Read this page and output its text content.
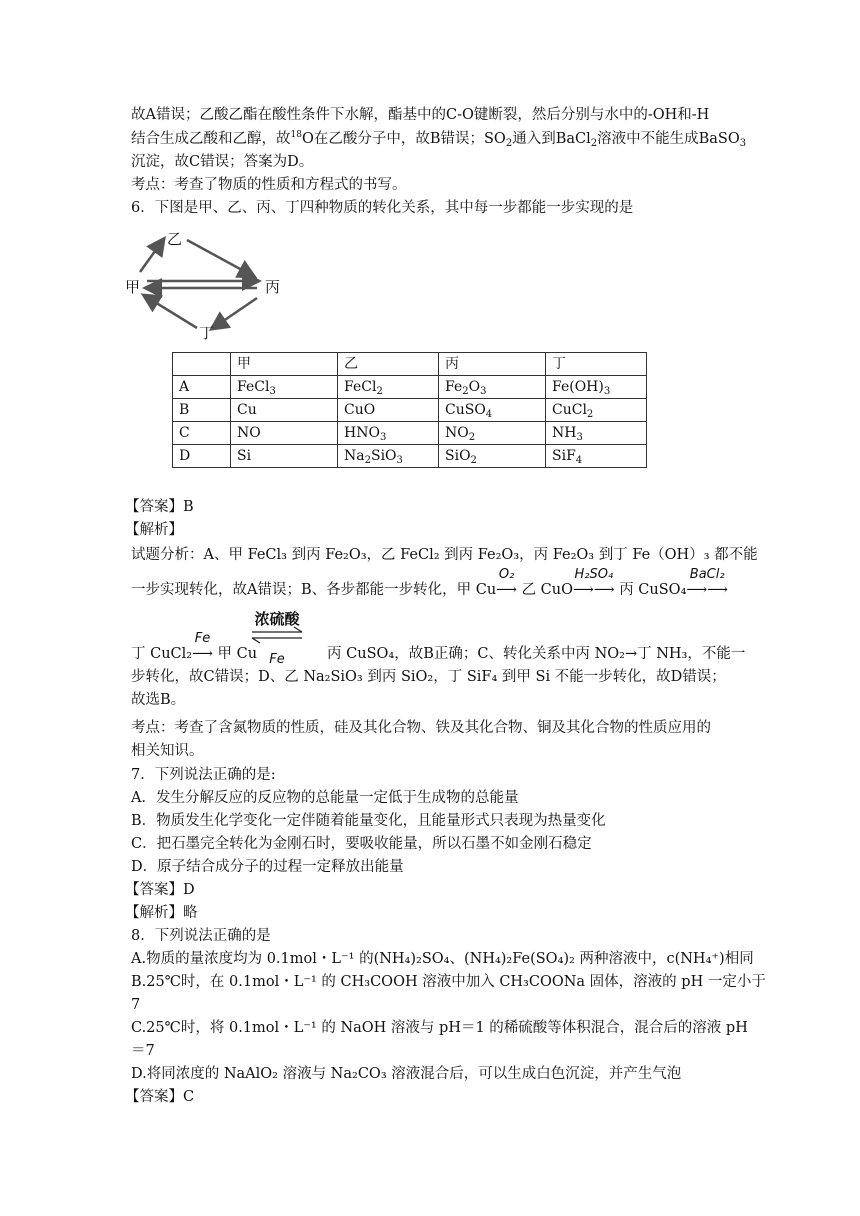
故A错误；乙酸乙酯在酸性条件下水解，酯基中的C-O键断裂，然后分别与水中的-OH和-H
结合生成乙酸和乙醇，故$^{18}$O在乙酸分子中，故B错误；$SO_2$通入到BaCl$_2$溶液中不能生成BaSO$_3$
沉淀，故C错误；答案为D。
考点：考查了物质的性质和方程式的书写。
6．下图是甲、乙、丙、丁四种物质的转化关系，其中每一步都能一步实现的是
乙
甲	丙
丁
	甲	乙	丙	丁
A	FeCl$_3$	FeCl$_2$	$Fe_2O_3$	$Fe(OH)_3$
B	Cu	CuO	CuSO$_4$	CuCl$_2$
C	NO	$HNO_3$	$NO_2$	$NH_3$
D	Si	$Na_2SiO_3$	SiO$_2$	SiF$_4$
【答案】B
【解析】
试题分析：A、甲 FeCl₃ 到丙 Fe₂O₃，乙 FeCl₂ 到丙 Fe₂O₃，丙 Fe₂O₃ 到丁 Fe（OH）₃ 都不能
一步实现转化，故A错误；B、各步都能一步转化，甲 Cu
O₂
⟶ 乙 CuO
H₂SO₄
⟶⟶ 丙 CuSO₄
BaCl₂
⟶⟶
丁 CuCl₂
Fe
⟶ 甲 Cu	丙 CuSO₄，故B正确；C、转化关系中丙 NO₂→丁 NH₃，不能一
浓硫酸
Fe
步转化，故C错误；D、乙 Na₂SiO₃ 到丙 SiO₂，丁 SiF₄ 到甲 Si 不能一步转化，故D错误；
故选B。
考点：考查了含氮物质的性质，硅及其化合物、铁及其化合物、铜及其化合物的性质应用的
相关知识。
7．下列说法正确的是:
A．发生分解反应的反应物的总能量一定低于生成物的总能量
B．物质发生化学变化一定伴随着能量变化，且能量形式只表现为热量变化
C．把石墨完全转化为金刚石时，要吸收能量，所以石墨不如金刚石稳定
D．原子结合成分子的过程一定释放出能量
【答案】D
【解析】略
8．下列说法正确的是
A.物质的量浓度均为 0.1mol・L⁻¹ 的(NH₄)₂SO₄、(NH₄)₂Fe(SO₄)₂ 两种溶液中，c(NH₄⁺)相同
B.25℃时，在 0.1mol・L⁻¹ 的 CH₃COOH 溶液中加入 CH₃COONa 固体，溶液的 pH 一定小于
7
C.25℃时，将 0.1mol・L⁻¹ 的 NaOH 溶液与 pH＝1 的稀硫酸等体积混合，混合后的溶液 pH
＝7
D.将同浓度的 NaAlO₂ 溶液与 Na₂CO₃ 溶液混合后，可以生成白色沉淀，并产生气泡
【答案】C
